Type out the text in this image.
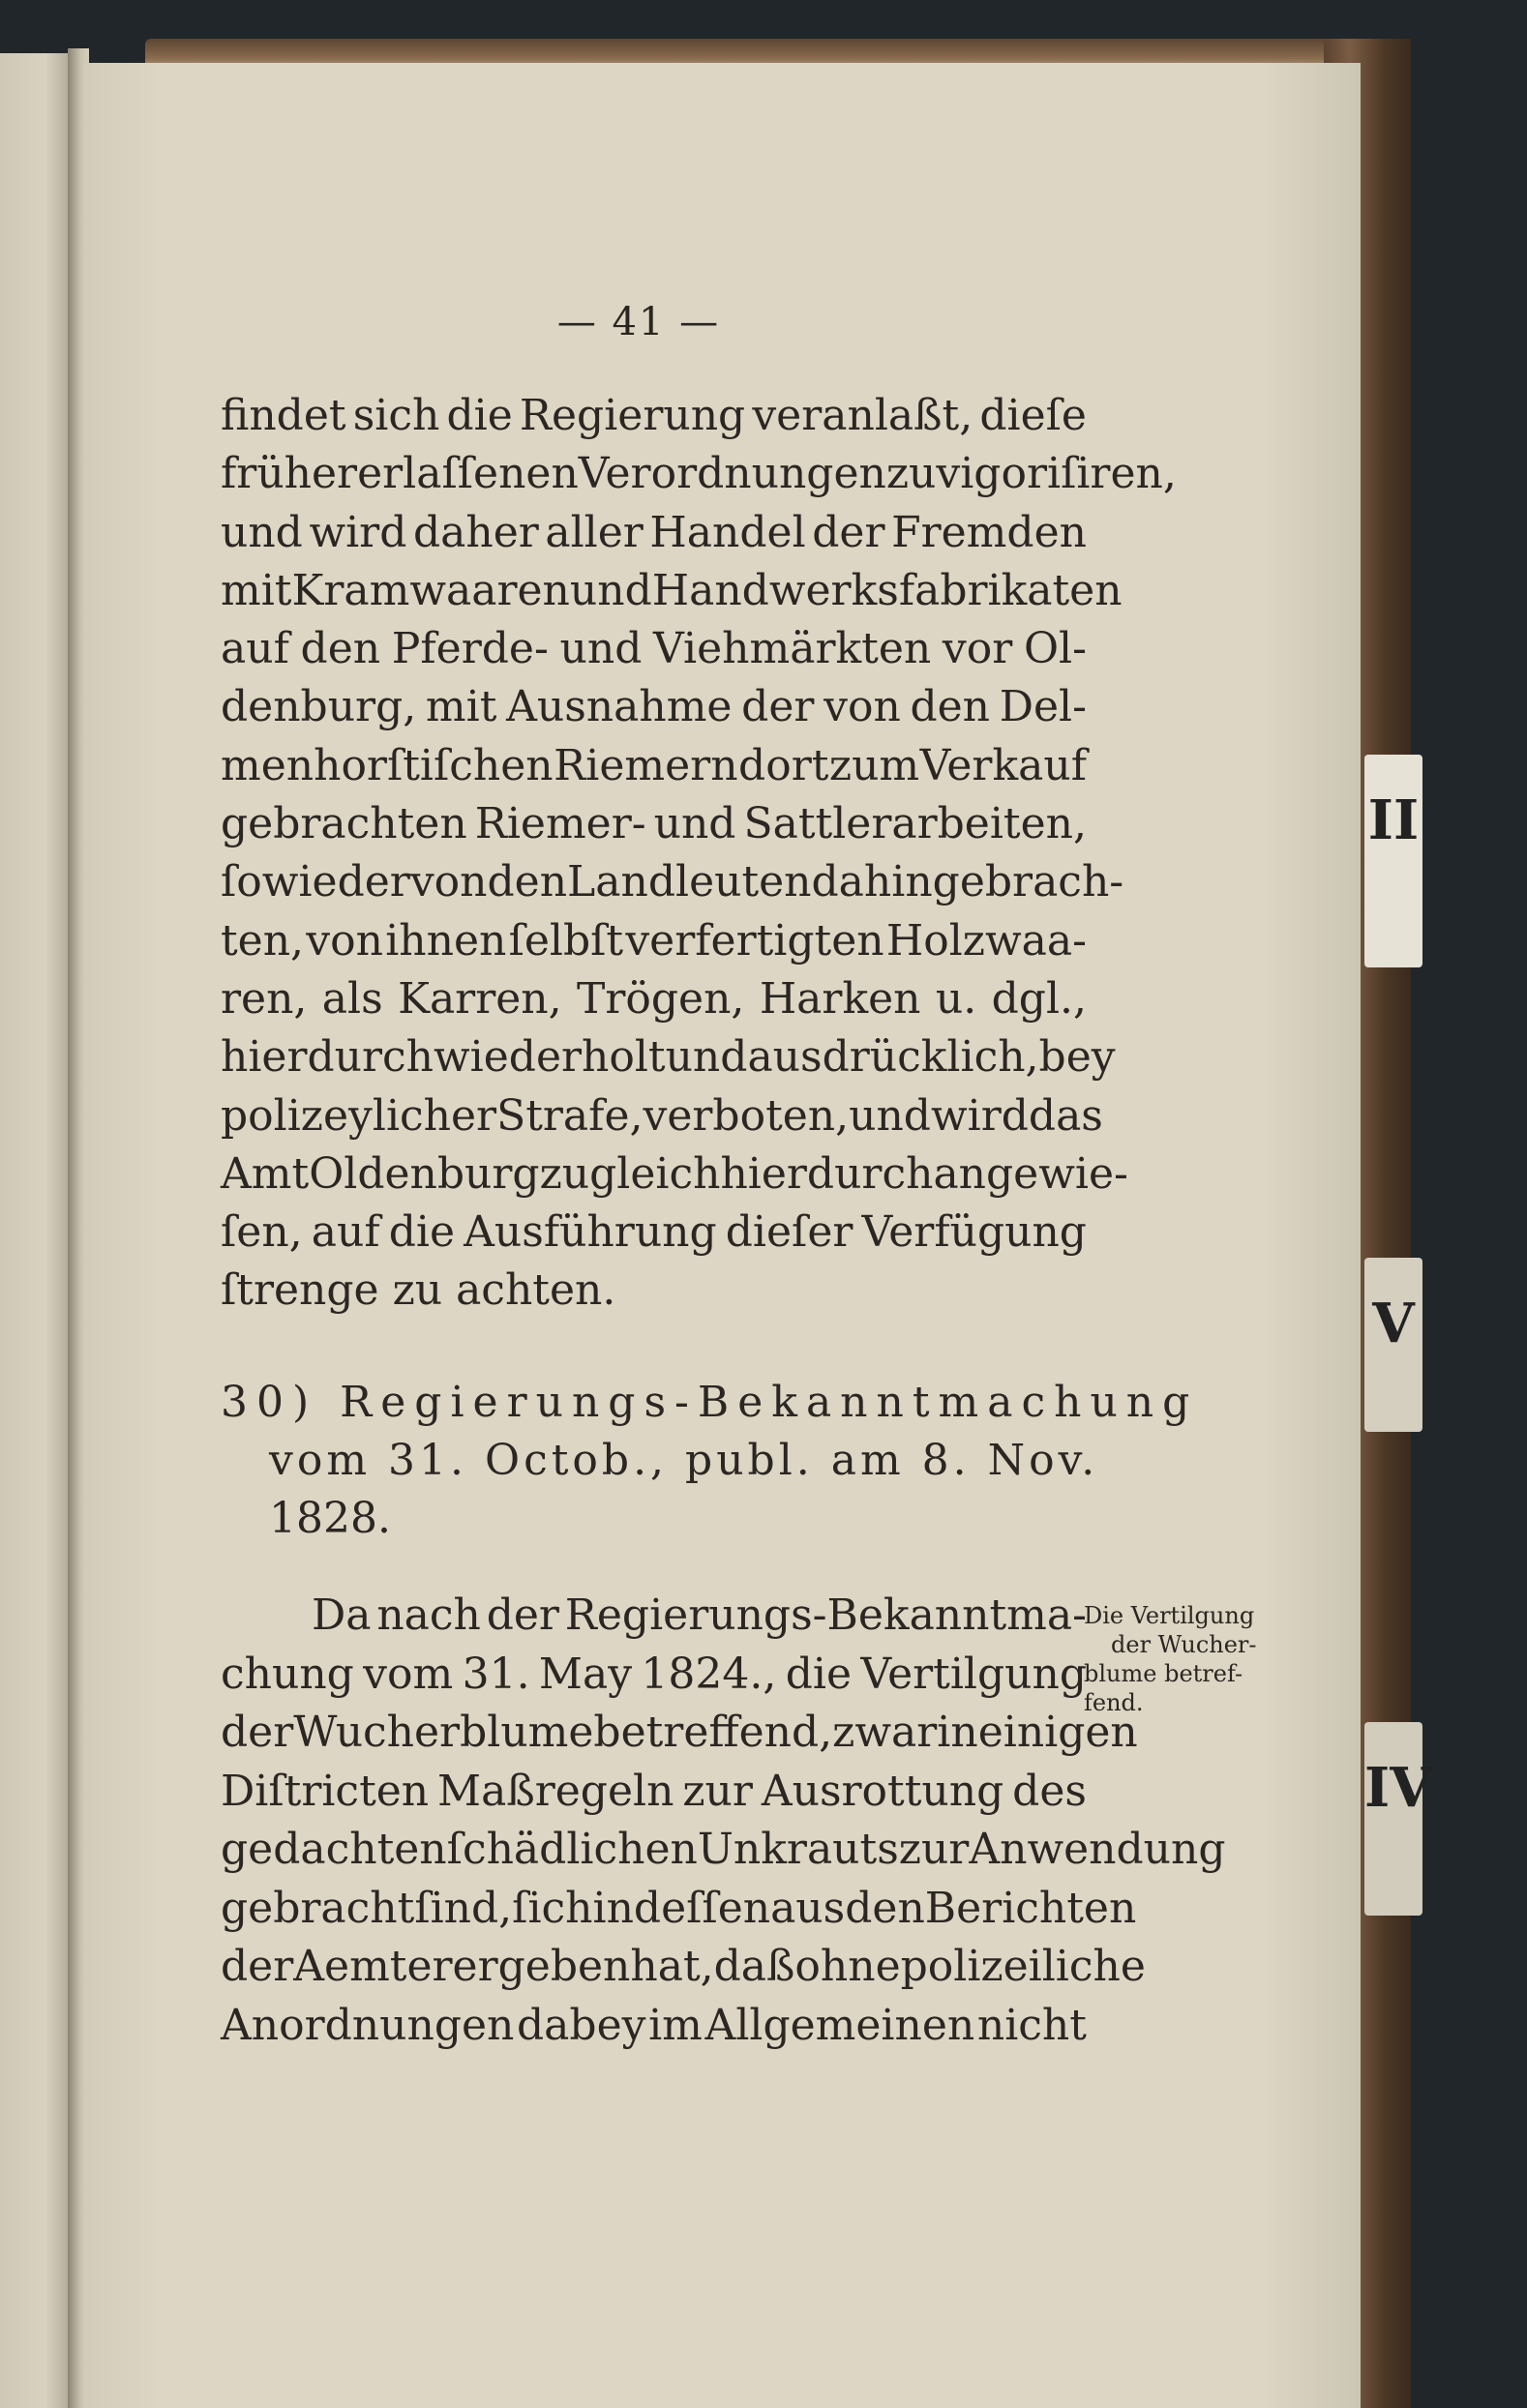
II
V
IV
— 41 —
findet sich die Regierung veranlaßt, dieſe
früher erlaſſenen Verordnungen zu vigoriſiren,
und wird daher aller Handel der Fremden
mit Kramwaaren und Handwerksfabrikaten
auf den Pferde- und Viehmärkten vor Ol-
denburg, mit Ausnahme der von den Del-
menhorſtiſchen Riemern dort zum Verkauf
gebrachten Riemer- und Sattlerarbeiten,
ſo wie der von den Landleuten dahin gebrach-
ten, von ihnen ſelbſt verfertigten Holzwaa-
ren, als Karren, Trögen, Harken u. dgl.,
hierdurch wiederholt und ausdrücklich, bey
polizeylicher Strafe, verboten, und wird das
Amt Oldenburg zugleich hierdurch angewie-
ſen, auf die Ausführung dieſer Verfügung
ſtrenge zu achten.
30) Regierungs-Bekanntmachung
vom 31. Octob., publ. am 8. Nov.
1828.
Da nach der Regierungs-Bekanntma-
chung vom 31. May 1824., die Vertilgung
der Wucherblume betreffend, zwar in einigen
Diſtricten Maßregeln zur Ausrottung des
gedachten ſchädlichen Unkrauts zur Anwendung
gebracht ſind, ſich indeſſen aus den Berichten
der Aemter ergeben hat, daß ohne polizeiliche
Anordnungen dabey im Allgemeinen nicht
Die Vertilgung
der Wucher-
blume betref-
fend.
